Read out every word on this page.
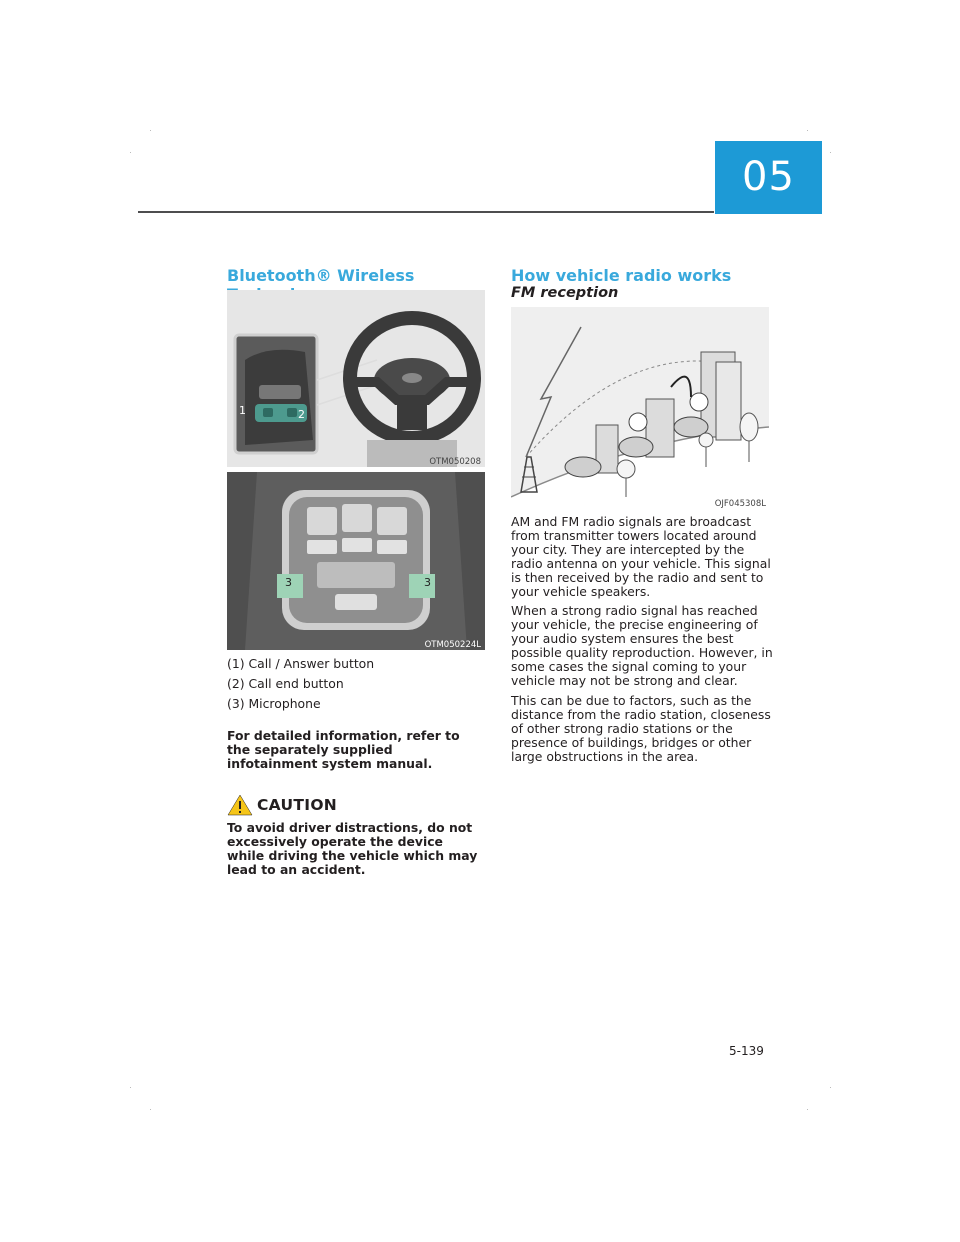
05
Bluetooth® Wireless
1	2
OTM050208
3	3
OTM050224L
(1) Call / Answer button
(2) Call end button
(3) Microphone

For detailed information, refer to the separately supplied infotainment system manual.

CAUTION

To avoid driver distractions, do not excessively operate the device while driving the vehicle which may lead to an accident.

How vehicle radio works
FM reception
OJF045308L

AM and FM radio signals are broadcast from transmitter towers located around your city. They are intercepted by the radio antenna on your vehicle. This signal is then received by the radio and sent to your vehicle speakers.

When a strong radio signal has reached your vehicle, the precise engineering of your audio system ensures the best possible quality reproduction. However, in some cases the signal coming to your vehicle may not be strong and clear.

This can be due to factors, such as the distance from the radio station, closeness of other strong radio stations or the presence of buildings, bridges or other large obstructions in the area.

5-139
